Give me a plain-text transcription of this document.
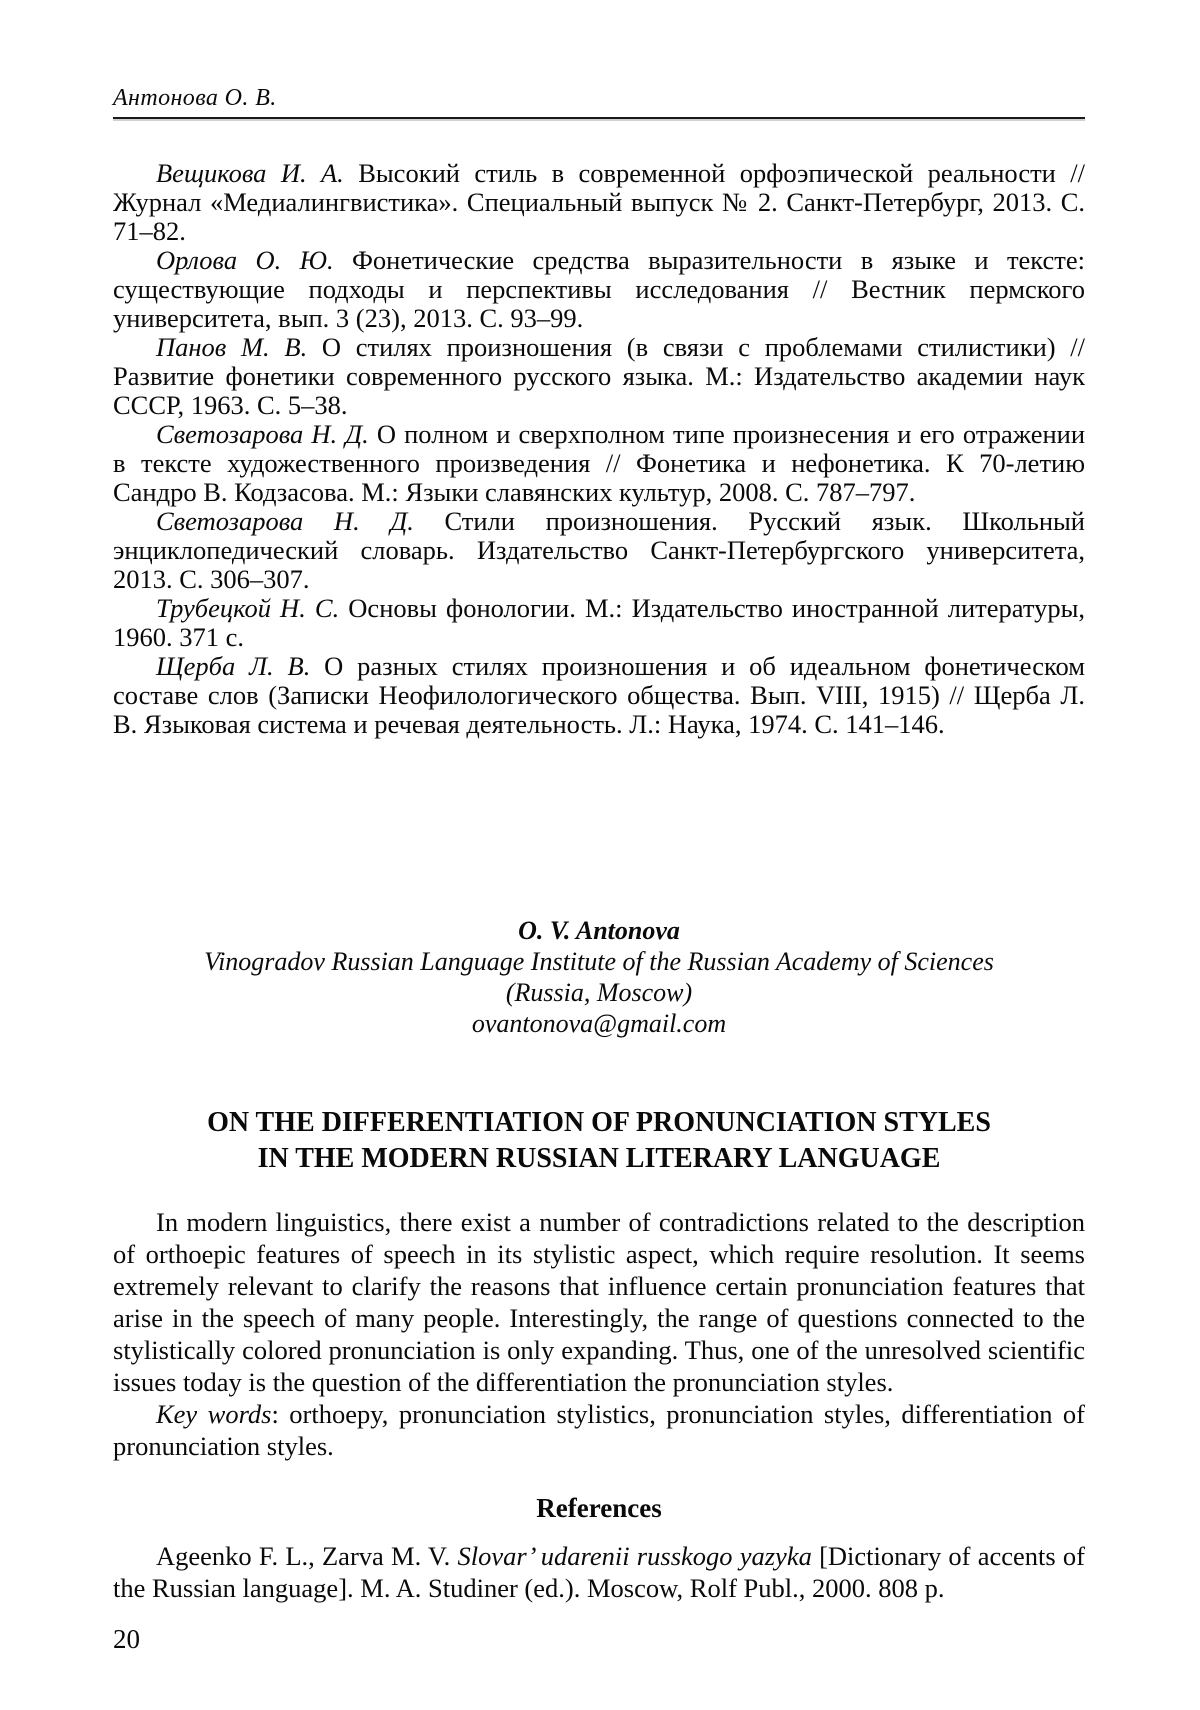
Антонова О. В.

Вещикова И. А. Высокий стиль в современной орфоэпической реальности // Журнал «Медиалингвистика». Специальный выпуск № 2. Санкт-Петербург, 2013. С. 71–82.

Орлова О. Ю. Фонетические средства выразительности в языке и тексте: существующие подходы и перспективы исследования // Вестник пермского университета, вып. 3 (23), 2013. С. 93–99.

Панов М. В. О стилях произношения (в связи с проблемами стилистики) // Развитие фонетики современного русского языка. М.: Издательство академии наук СССР, 1963. С. 5–38.

Светозарова Н. Д. О полном и сверхполном типе произнесения и его отражении в тексте художественного произведения // Фонетика и нефонетика. К 70-летию Сандро В. Кодзасова. М.: Языки славянских культур, 2008. С. 787–797.

Светозарова Н. Д. Стили произношения. Русский язык. Школьный энциклопедический словарь. Издательство Санкт-Петербургского университета, 2013. С. 306–307.

Трубецкой Н. С. Основы фонологии. М.: Издательство иностранной литературы, 1960. 371 с.

Щерба Л. В. О разных стилях произношения и об идеальном фонетическом составе слов (Записки Неофилологического общества. Вып. VIII, 1915) // Щерба Л. В. Языковая система и речевая деятельность. Л.: Наука, 1974. С. 141–146.

O. V. Antonova
Vinogradov Russian Language Institute of the Russian Academy of Sciences
(Russia, Moscow)
ovantonova@gmail.com
ON THE DIFFERENTIATION OF PRONUNCIATION STYLES
IN THE MODERN RUSSIAN LITERARY LANGUAGE

In modern linguistics, there exist a number of contradictions related to the description of orthoepic features of speech in its stylistic aspect, which require resolution. It seems extremely relevant to clarify the reasons that influence certain pronunciation features that arise in the speech of many people. Interestingly, the range of questions connected to the stylistically colored pronunciation is only expanding. Thus, one of the unresolved scientific issues today is the question of the differentiation the pronunciation styles.

Key words: orthoepy, pronunciation stylistics, pronunciation styles, differentiation of pronunciation styles.

References

Ageenko F. L., Zarva M. V. Slovar’ udarenii russkogo yazyka [Dictionary of accents of the Russian language]. M. A. Studiner (ed.). Moscow, Rolf Publ., 2000. 808 p.

20
